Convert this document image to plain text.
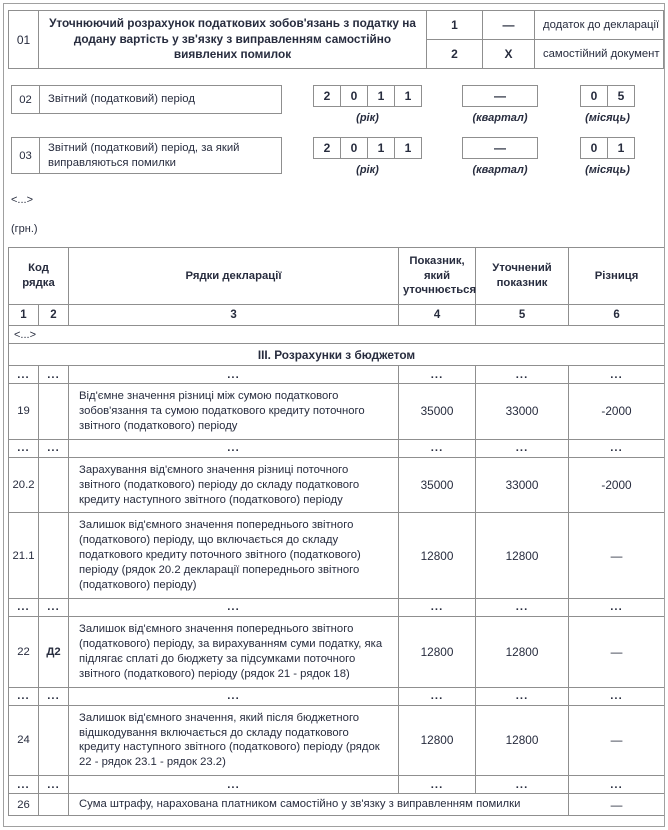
01	Уточнюючий розрахунок податкових зобов'язань з податку на додану вартість у зв'язку з виправленням самостійно виявлених помилок	1	—	додаток до декларації
		2	X	самостійний документ
02	Звітний (податковий) період	2	0	1	1
(рік)
—
(квартал)
0	5
(місяць)
03	Звітний (податковий) період, за який виправляються помилки
2	0	1	1
(рік)
—
(квартал)
0	1
(місяць)
<...>
(грн.)
Код рядка		Рядки декларації	Показник, який уточнюється	Уточнений показник	Різниця
1	2	3	4	5	6
<...>					
III. Розрахунки з бюджетом					
...	...	...	...	...	...
19		Від'ємне значення різниці між сумою податкового зобов'язання та сумою податкового кредиту поточного звітного (податкового) періоду	35000	33000	-2000
...	...	...	...	...	...
20.2		Зарахування від'ємного значення різниці поточного звітного (податкового) періоду до складу податкового кредиту наступного звітного (податкового) періоду	35000	33000	-2000
21.1		Залишок від'ємного значення попереднього звітного (податкового) періоду, що включається до складу податкового кредиту поточного звітного (податкового) періоду (рядок 20.2 декларації попереднього звітного (податкового) періоду)	12800	12800	—
...	...	...	...	...	...
22	Д2	Залишок від'ємного значення попереднього звітного (податкового) періоду, за вирахуванням суми податку, яка підлягає сплаті до бюджету за підсумками поточного звітного (податкового) періоду (рядок 21 - рядок 18)	12800	12800	—
...	...	...	...	...	...
24		Залишок від'ємного значення, який після бюджетного відшкодування включається до складу податкового кредиту наступного звітного (податкового) періоду (рядок 22 - рядок 23.1 - рядок 23.2)	12800	12800	—
...	...	...	...	...	...
26		Сума штрафу, нарахована платником самостійно у зв'язку з виправленням помилки			—
